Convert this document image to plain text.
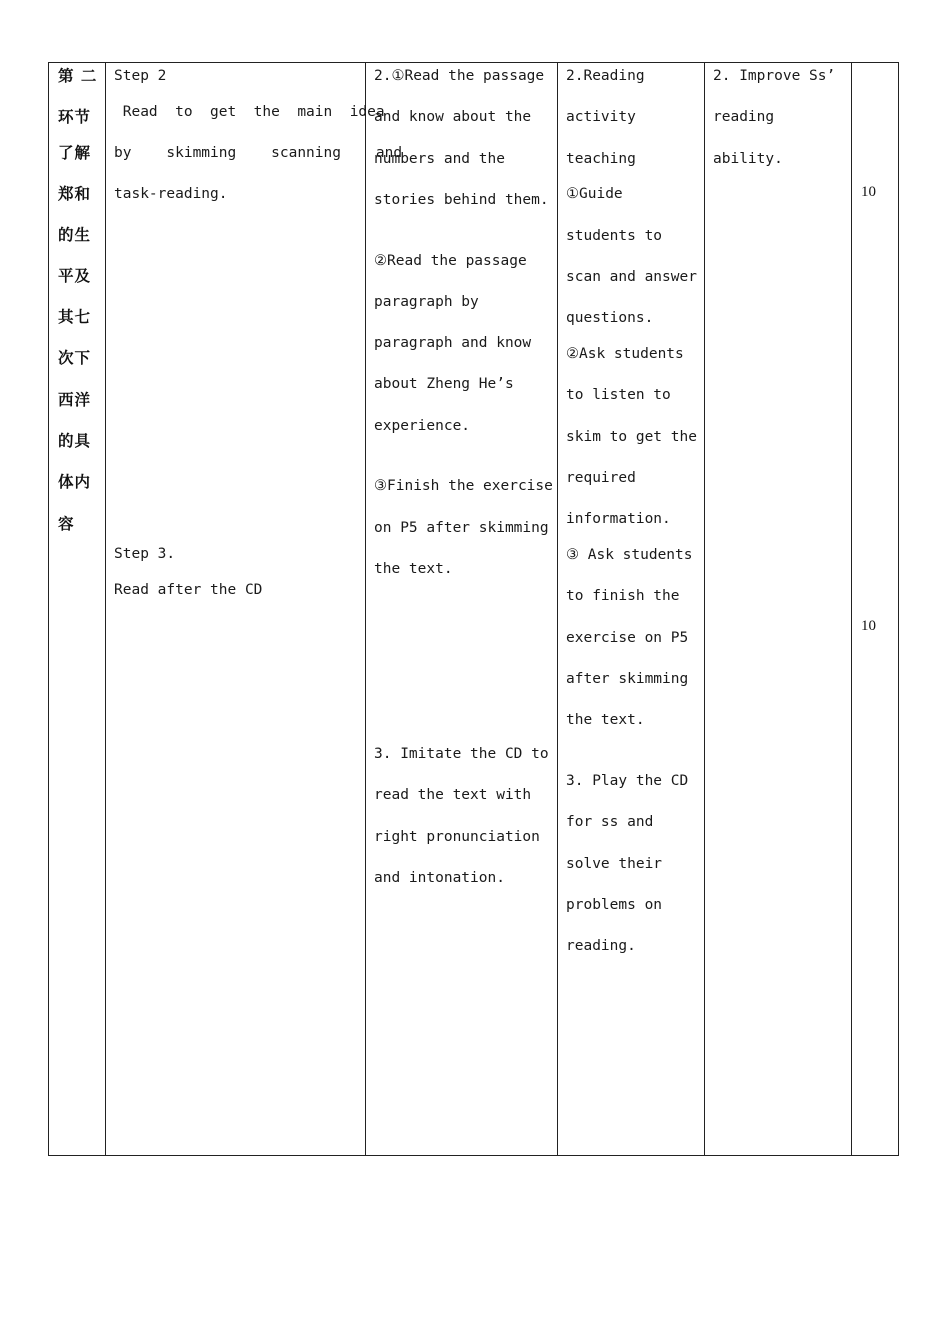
第 二
环节
了解
郑和
的生
平及
其七
次下
西洋
的具
体内
容
Step 2
Read  to  get  the  main  idea
by    skimming    scanning    and
task-reading.
Step 3.
Read after the CD
2.①Read the passage
and know about the
numbers and the
stories behind them.
②Read the passage
paragraph by
paragraph and know
about Zheng He’s
experience.
③Finish the exercise
on P5 after skimming
the text.
3. Imitate the CD to
read the text with
right pronunciation
and intonation.
2.Reading
activity
teaching
①Guide
students to
scan and answer
questions.
②Ask students
to listen to
skim to get the
required
information.
③ Ask students
to finish the
exercise on P5
after skimming
the text.
3. Play the CD
for ss and
solve their
problems on
reading.
2. Improve Ss’
reading
ability.
10
10
